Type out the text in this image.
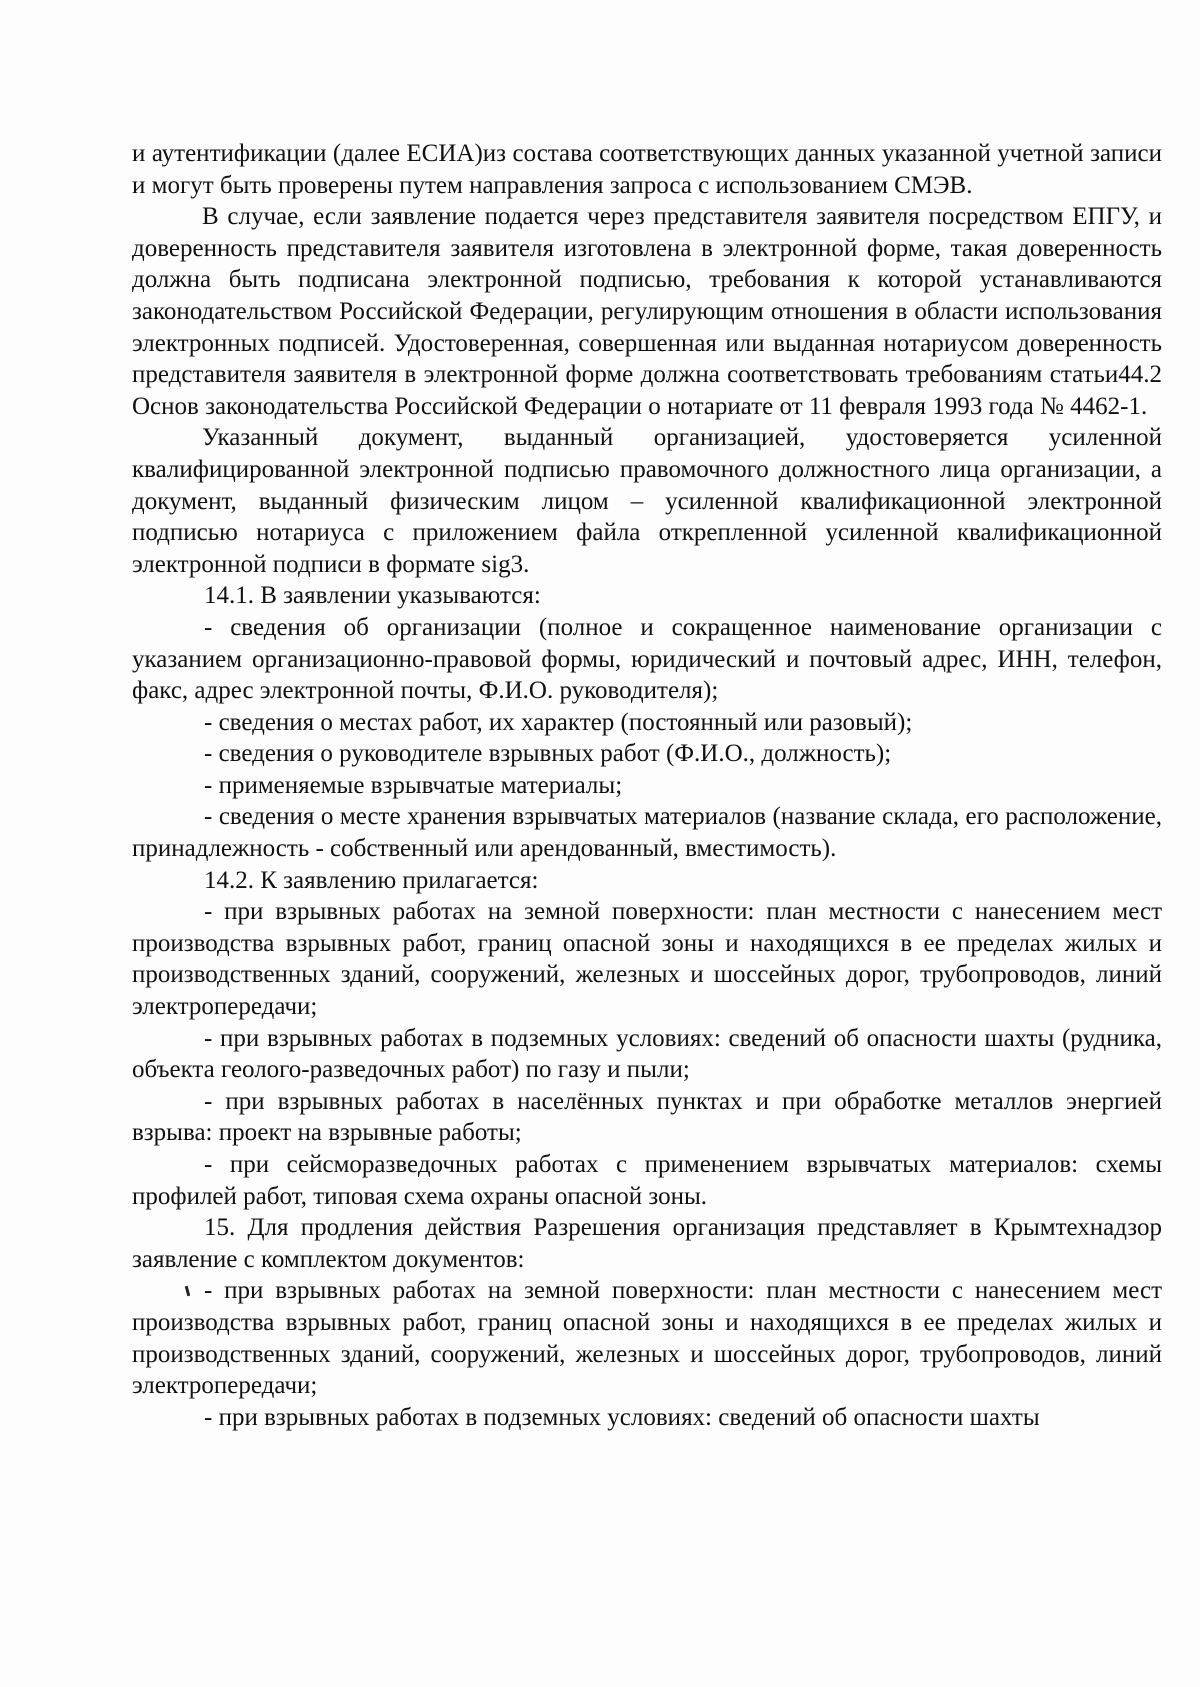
и аутентификации (далее ЕСИА)из состава соответствующих данных указанной учетной записи и могут быть проверены путем направления запроса с использованием СМЭВ.

В случае, если заявление подается через представителя заявителя посредством ЕПГУ, и доверенность представителя заявителя изготовлена в электронной форме, такая доверенность должна быть подписана электронной подписью, требования к которой устанавливаются законодательством Российской Федерации, регулирующим отношения в области использования электронных подписей. Удостоверенная, совершенная или выданная нотариусом доверенность представителя заявителя в электронной форме должна соответствовать требованиям статьи44.2 Основ законодательства Российской Федерации о нотариате от 11 февраля 1993 года № 4462-1.

Указанный документ, выданный организацией, удостоверяется усиленной квалифицированной электронной подписью правомочного должностного лица организации, а документ, выданный физическим лицом – усиленной квалификационной электронной подписью нотариуса с приложением файла открепленной усиленной квалификационной электронной подписи в формате sig3.

14.1. В заявлении указываются:

- сведения об организации (полное и сокращенное наименование организации с указанием организационно-правовой формы, юридический и почтовый адрес, ИНН, телефон, факс, адрес электронной почты, Ф.И.О. руководителя);

- сведения о местах работ, их характер (постоянный или разовый);

- сведения о руководителе взрывных работ (Ф.И.О., должность);

- применяемые взрывчатые материалы;

- сведения о месте хранения взрывчатых материалов (название склада, его расположение, принадлежность - собственный или арендованный, вместимость).

14.2. К заявлению прилагается:

- при взрывных работах на земной поверхности: план местности с нанесением мест производства взрывных работ, границ опасной зоны и находящихся в ее пределах жилых и производственных зданий, сооружений, железных и шоссейных дорог, трубопроводов, линий электропередачи;

- при взрывных работах в подземных условиях: сведений об опасности шахты (рудника, объекта геолого-разведочных работ) по газу и пыли;

- при взрывных работах в населённых пунктах и при обработке металлов энергией взрыва: проект на взрывные работы;

- при сейсморазведочных работах с применением взрывчатых материалов: схемы профилей работ, типовая схема охраны опасной зоны.

15. Для продления действия Разрешения организация представляет в Крымтехнадзор заявление с комплектом документов:

- при взрывных работах на земной поверхности: план местности с нанесением мест производства взрывных работ, границ опасной зоны и находящихся в ее пределах жилых и производственных зданий, сооружений, железных и шоссейных дорог, трубопроводов, линий электропередачи;

- при взрывных работах в подземных условиях: сведений об опасности шахты
